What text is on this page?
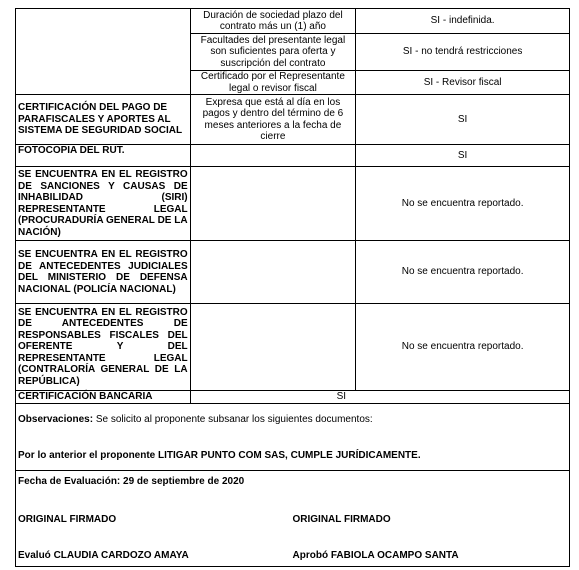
	Duración de sociedad plazo del contrato más un (1) año	SI - indefinida.
	Facultades del presentante legal son suficientes para oferta y suscripción del contrato	SI - no tendrá restricciones
	Certificado por el Representante legal o revisor fiscal	SI - Revisor fiscal
CERTIFICACIÓN DEL PAGO DE PARAFISCALES Y APORTES AL SISTEMA DE SEGURIDAD SOCIAL	Expresa que está al día en los pagos y dentro del término de 6 meses anteriores a la fecha de cierre	SI
FOTOCOPIA DEL RUT.		SI
SE ENCUENTRA EN EL REGISTRO DE SANCIONES Y CAUSAS DE INHABILIDAD (SIRI) REPRESENTANTE LEGAL (PROCURADURÍA GENERAL DE LA NACIÓN)		No se encuentra reportado.
SE ENCUENTRA EN EL REGISTRO DE ANTECEDENTES JUDICIALES DEL MINISTERIO DE DEFENSA NACIONAL (POLICÍA NACIONAL)		No se encuentra reportado.
SE ENCUENTRA EN EL REGISTRO DE ANTECEDENTES DE RESPONSABLES FISCALES DEL OFERENTE Y DEL REPRESENTANTE LEGAL (CONTRALORÍA GENERAL DE LA REPÚBLICA)		No se encuentra reportado.
CERTIFICACIÓN BANCARIA	SI	

Observaciones: Se solicito al proponente subsanar los siguientes documentos:
Por lo anterior el proponente LITIGAR PUNTO COM SAS, CUMPLE JURÍDICAMENTE.		

Fecha de Evaluación: 29 de septiembre de 2020
ORIGINAL FIRMADO ORIGINAL FIRMADO
Evaluó CLAUDIA CARDOZO AMAYA Aprobó FABIOLA OCAMPO SANTA		
